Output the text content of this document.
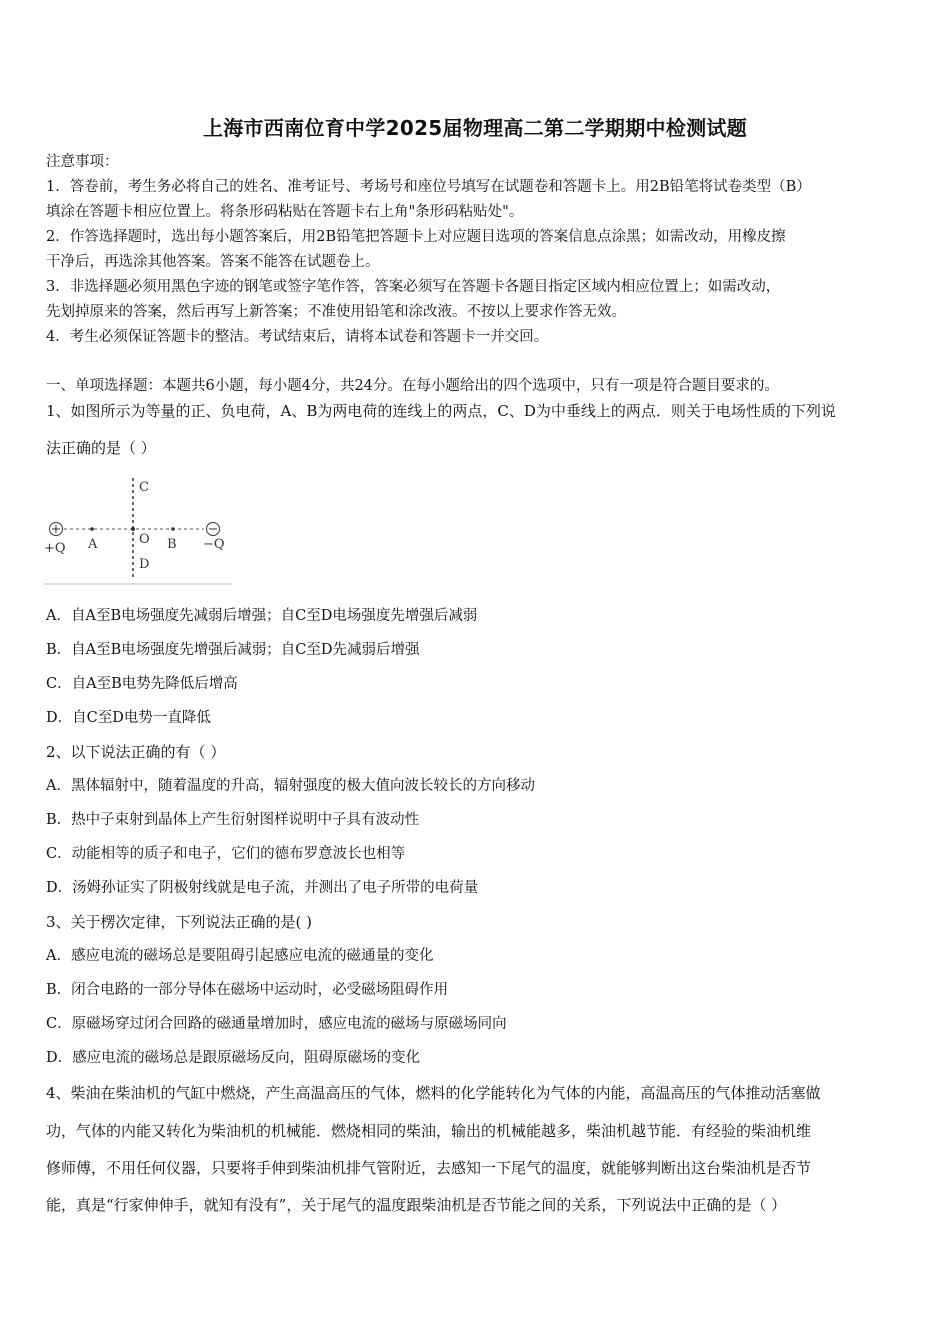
上海市西南位育中学2025届物理高二第二学期期中检测试题
注意事项：
1．答卷前，考生务必将自己的姓名、准考证号、考场号和座位号填写在试题卷和答题卡上。用2B铅笔将试卷类型（B）
填涂在答题卡相应位置上。将条形码粘贴在答题卡右上角"条形码粘贴处"。
2．作答选择题时，选出每小题答案后，用2B铅笔把答题卡上对应题目选项的答案信息点涂黑；如需改动，用橡皮擦
干净后，再选涂其他答案。答案不能答在试题卷上。
3．非选择题必须用黑色字迹的钢笔或签字笔作答，答案必须写在答题卡各题目指定区域内相应位置上；如需改动，
先划掉原来的答案，然后再写上新答案；不准使用铅笔和涂改液。不按以上要求作答无效。
4．考生必须保证答题卡的整洁。考试结束后，请将本试卷和答题卡一并交回。
一、单项选择题：本题共6小题，每小题4分，共24分。在每小题给出的四个选项中，只有一项是符合题目要求的。
1、如图所示为等量的正、负电荷，A、B为两电荷的连线上的两点，C、D为中垂线上的两点．则关于电场性质的下列说
法正确的是（ ）
+	−
C
O
D
A	B
+Q	−Q
A．自A至B电场强度先减弱后增强；自C至D电场强度先增强后减弱
B．自A至B电场强度先增强后减弱；自C至D先减弱后增强
C．自A至B电势先降低后增高
D．自C至D电势一直降低
2、以下说法正确的有（ ）
A．黑体辐射中，随着温度的升高，辐射强度的极大值向波长较长的方向移动
B．热中子束射到晶体上产生衍射图样说明中子具有波动性
C．动能相等的质子和电子，它们的德布罗意波长也相等
D．汤姆孙证实了阴极射线就是电子流，并测出了电子所带的电荷量
3、关于楞次定律，下列说法正确的是( )
A．感应电流的磁场总是要阻碍引起感应电流的磁通量的变化
B．闭合电路的一部分导体在磁场中运动时，必受磁场阻碍作用
C．原磁场穿过闭合回路的磁通量增加时，感应电流的磁场与原磁场同向
D．感应电流的磁场总是跟原磁场反向，阻碍原磁场的变化
4、柴油在柴油机的气缸中燃烧，产生高温高压的气体，燃料的化学能转化为气体的内能，高温高压的气体推动活塞做
功，气体的内能又转化为柴油机的机械能．燃烧相同的柴油，输出的机械能越多，柴油机越节能．有经验的柴油机维
修师傅，不用任何仪器，只要将手伸到柴油机排气管附近，去感知一下尾气的温度，就能够判断出这台柴油机是否节
能，真是“行家伸伸手，就知有没有”，关于尾气的温度跟柴油机是否节能之间的关系，下列说法中正确的是（ ）
